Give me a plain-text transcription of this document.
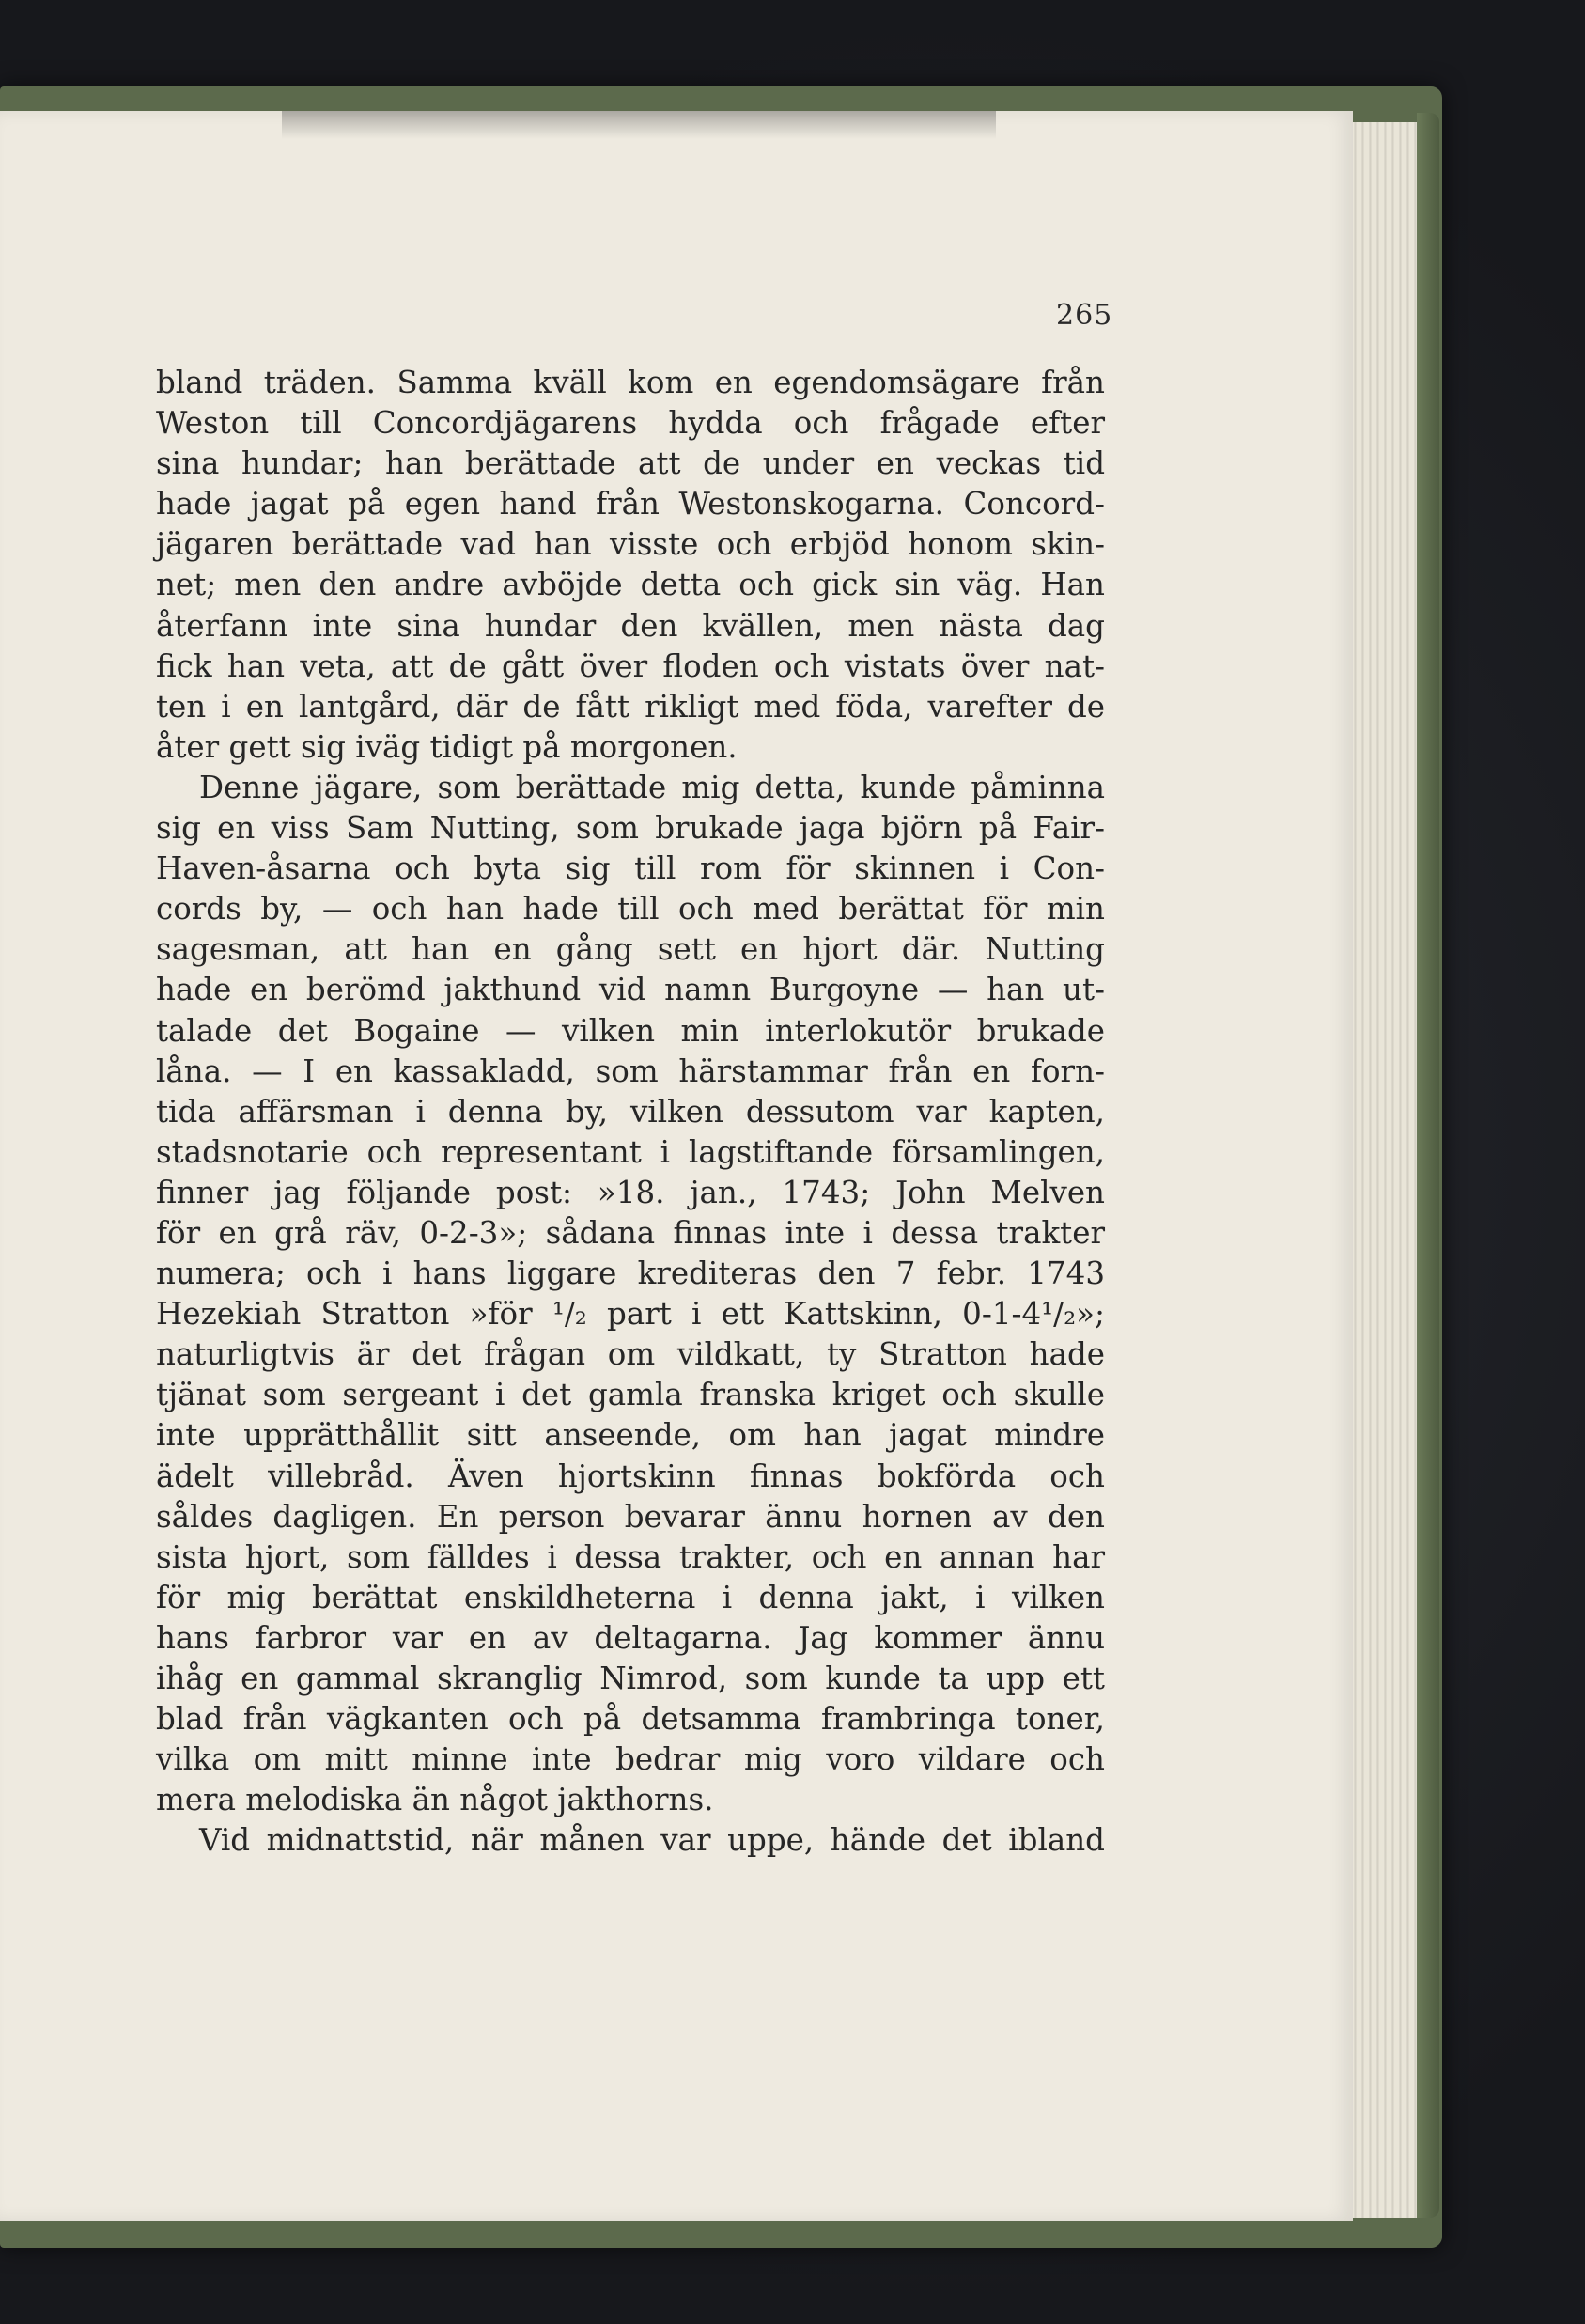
265
bland träden. Samma kväll kom en egendomsägare från
Weston till Concordjägarens hydda och frågade efter
sina hundar; han berättade att de under en veckas tid
hade jagat på egen hand från Westonskogarna. Concord-
jägaren berättade vad han visste och erbjöd honom skin-
net; men den andre avböjde detta och gick sin väg. Han
återfann inte sina hundar den kvällen, men nästa dag
fick han veta, att de gått över floden och vistats över nat-
ten i en lantgård, där de fått rikligt med föda, varefter de
åter gett sig iväg tidigt på morgonen.
Denne jägare, som berättade mig detta, kunde påminna
sig en viss Sam Nutting, som brukade jaga björn på Fair-
Haven-åsarna och byta sig till rom för skinnen i Con-
cords by, — och han hade till och med berättat för min
sagesman, att han en gång sett en hjort där. Nutting
hade en berömd jakthund vid namn Burgoyne — han ut-
talade det Bogaine — vilken min interlokutör brukade
låna. — I en kassakladd, som härstammar från en forn-
tida affärsman i denna by, vilken dessutom var kapten,
stadsnotarie och representant i lagstiftande församlingen,
finner jag följande post: »18. jan., 1743; John Melven
för en grå räv, 0-2-3»; sådana finnas inte i dessa trakter
numera; och i hans liggare krediteras den 7 febr. 1743
Hezekiah Stratton »för ¹/₂ part i ett Kattskinn, 0-1-4¹/₂»;
naturligtvis är det frågan om vildkatt, ty Stratton hade
tjänat som sergeant i det gamla franska kriget och skulle
inte upprätthållit sitt anseende, om han jagat mindre
ädelt villebråd. Även hjortskinn finnas bokförda och
såldes dagligen. En person bevarar ännu hornen av den
sista hjort, som fälldes i dessa trakter, och en annan har
för mig berättat enskildheterna i denna jakt, i vilken
hans farbror var en av deltagarna. Jag kommer ännu
ihåg en gammal skranglig Nimrod, som kunde ta upp ett
blad från vägkanten och på detsamma frambringa toner,
vilka om mitt minne inte bedrar mig voro vildare och
mera melodiska än något jakthorns.
Vid midnattstid, när månen var uppe, hände det ibland
